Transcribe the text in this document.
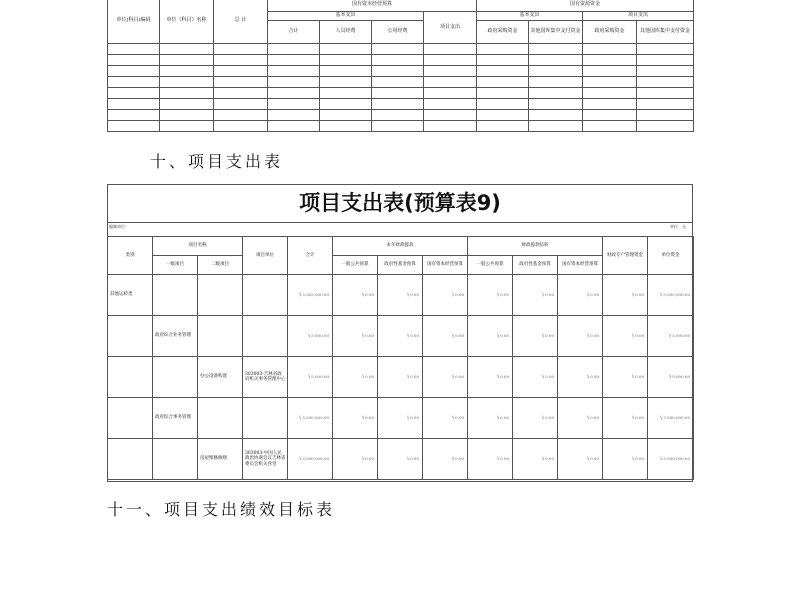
单位(科目)编码	单位（科目）名称	总 计	国有资本经营预算				国有资源资金			
			基本支出			项目支出	基本支出		项目支出	
			合计	人员经费	公用经费		政府采购资金	其他国库集中支付资金	政府采购资金	其他国库集中支付资金

十、项目支出表
项目支出表(预算表9)
编制单位：	单位：元
类别	项目名称		项目单位	合计	本年财政拨款			财政拨款结转			财政专户管理资金	单位资金
	一级项目	二级项目			一般公共预算	政府性基金预算	国有资本经营预算	一般公共预算	政府性基金预算	国有资本经营预算		
其他运转类				￥3,505,000.00	￥0.00	￥0.00	￥0.00	￥0.00	￥0.00	￥0.00	￥0.00	￥3,505,000.00
	政府综合业务管理			￥5,000.00	￥0.00	￥0.00	￥0.00	￥0.00	￥0.00	￥0.00	￥0.00	￥5,000.00
		办公设备购置	303003-吉林省政府机关事务管理中心	￥5,000.00	￥0.00	￥0.00	￥0.00	￥0.00	￥0.00	￥0.00	￥0.00	￥5,000.00
	政府综合事务管理			￥3,500,000.00	￥0.00	￥0.00	￥0.00	￥0.00	￥0.00	￥0.00	￥0.00	￥3,500,000.00
		房屋维修修缮	303003-中国人民政治协商会议吉林省委员会机关食堂	￥3,500,000.00	￥0.00	￥0.00	￥0.00	￥0.00	￥0.00	￥0.00	￥0.00	￥3,500,000.00
十一、项目支出绩效目标表
